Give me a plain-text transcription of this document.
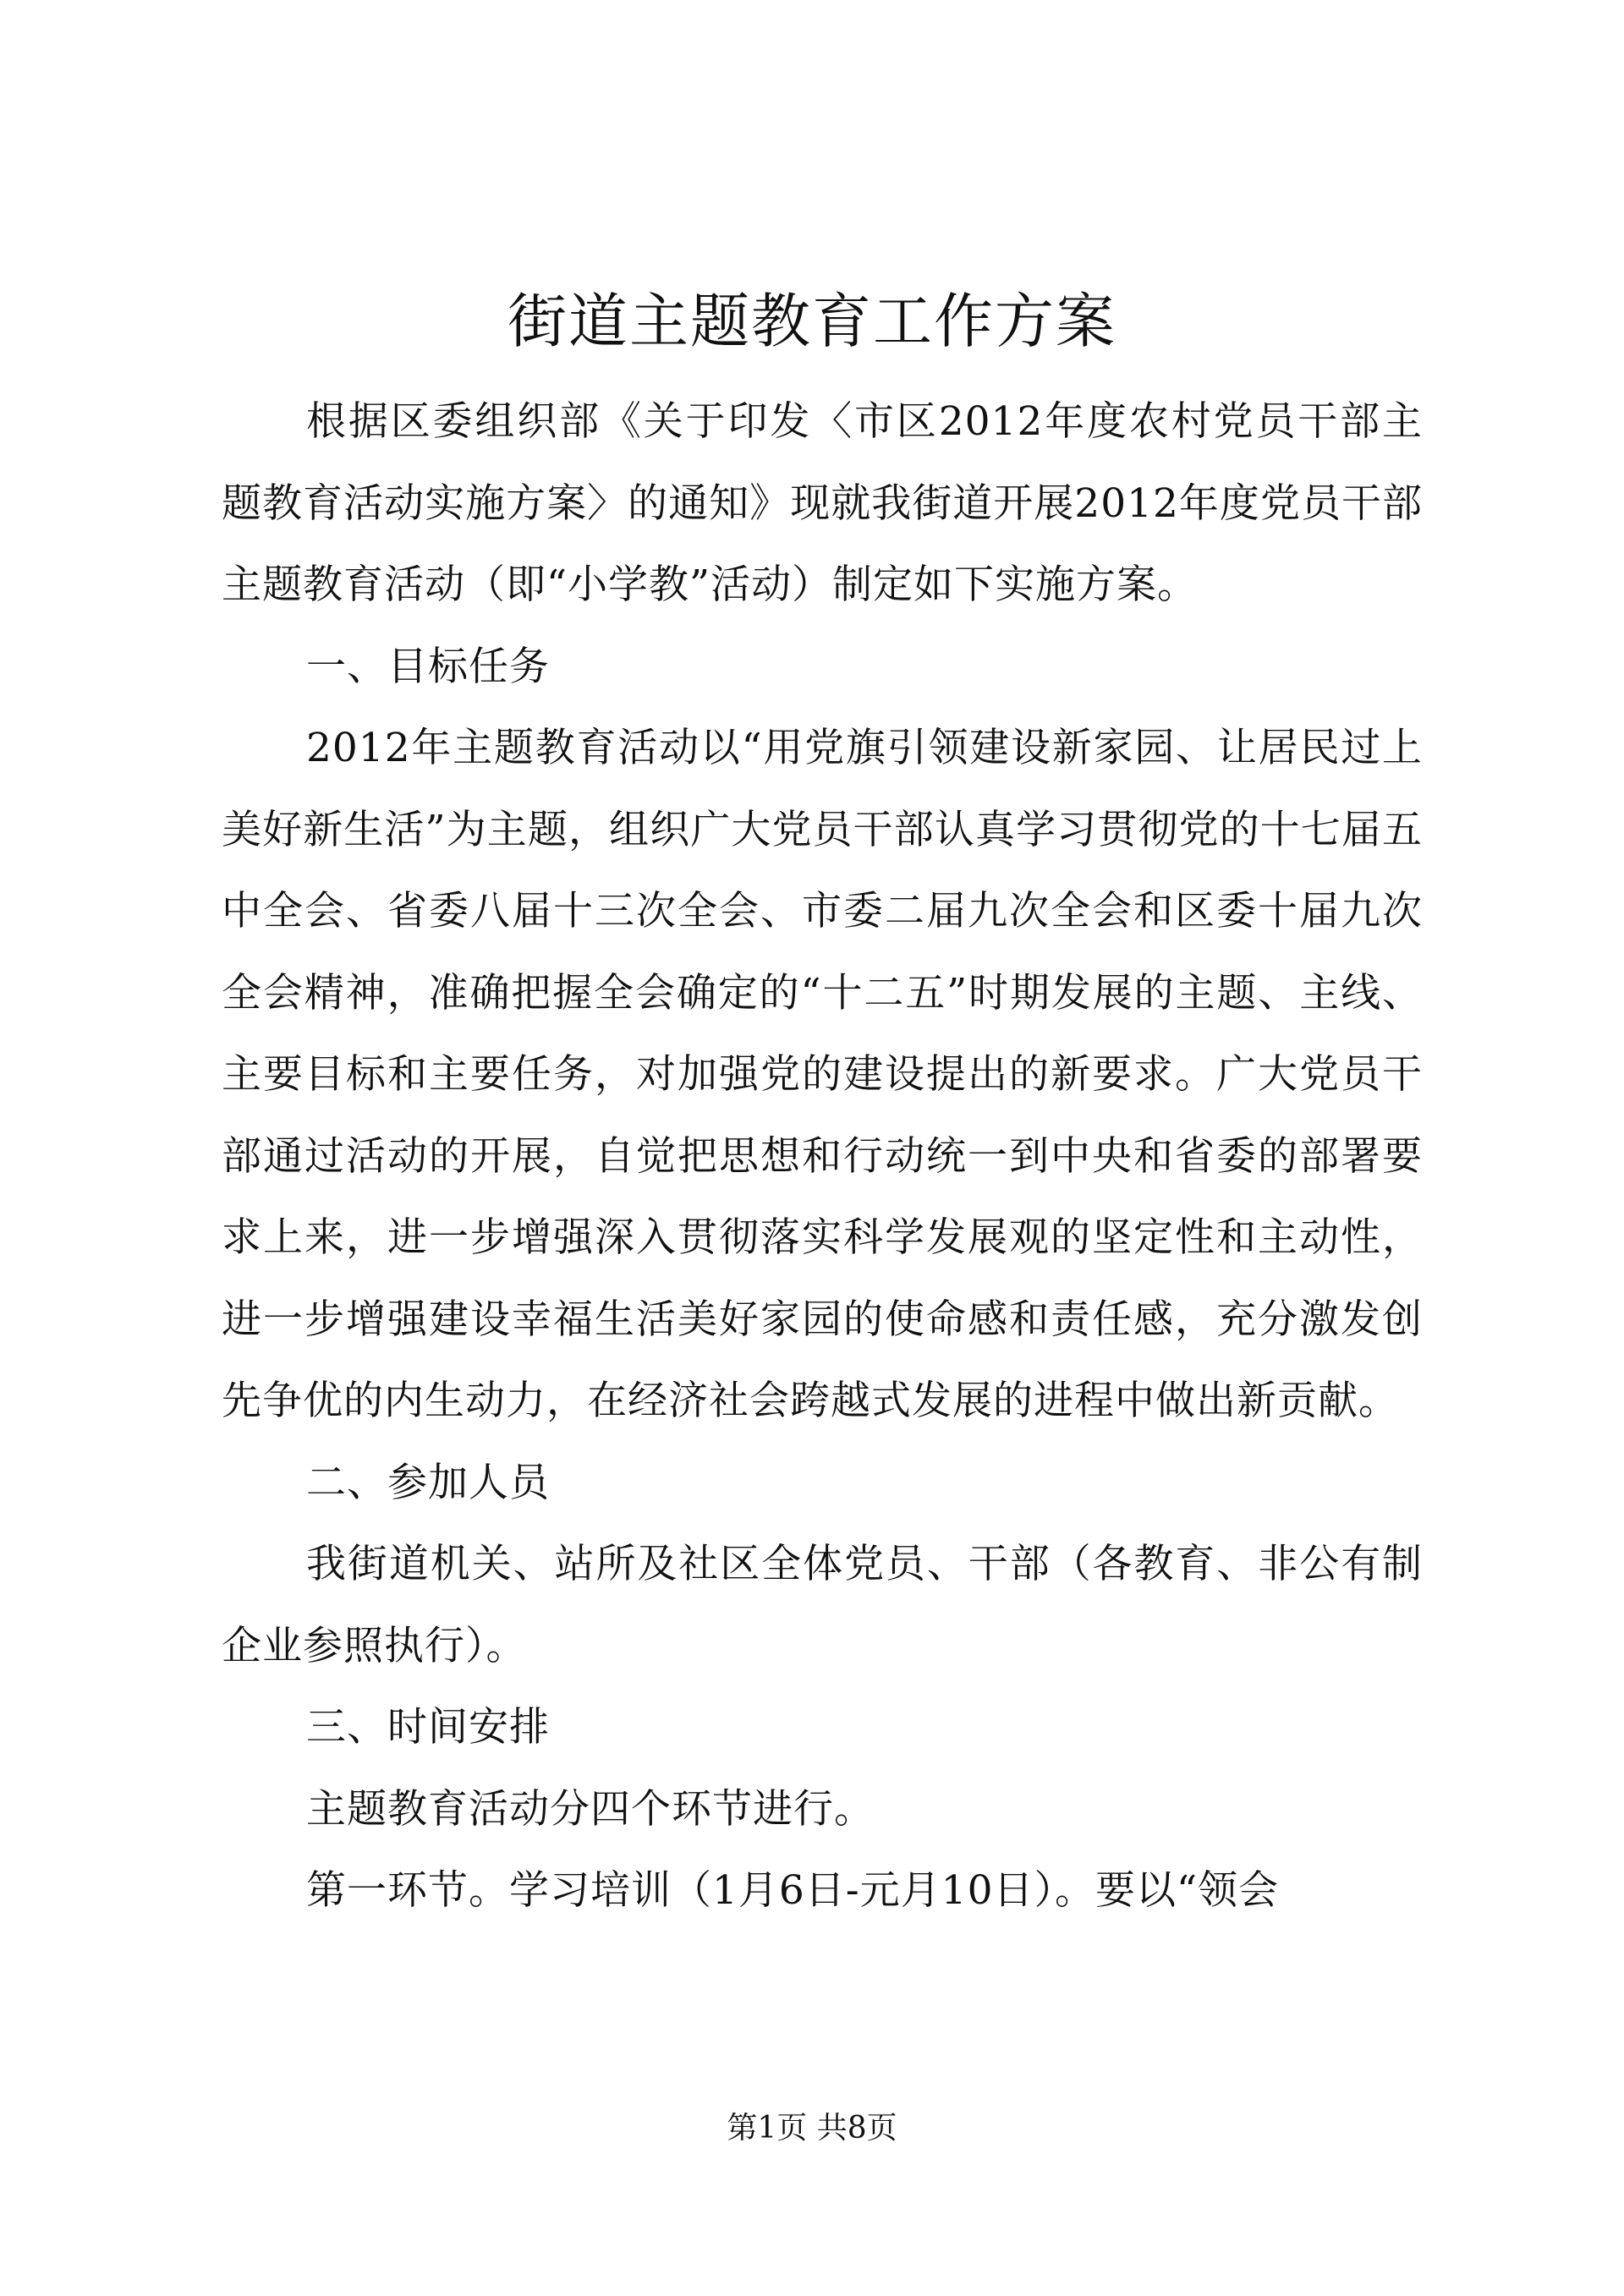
街道主题教育工作方案

根据区委组织部《关于印发〈市区2012年度农村党员干部主题教育活动实施方案〉的通知》现就我街道开展2012年度党员干部主题教育活动（即“小学教”活动）制定如下实施方案。

一、目标任务

2012年主题教育活动以“用党旗引领建设新家园、让居民过上美好新生活”为主题，组织广大党员干部认真学习贯彻党的十七届五中全会、省委八届十三次全会、市委二届九次全会和区委十届九次全会精神，准确把握全会确定的“十二五”时期发展的主题、主线、主要目标和主要任务，对加强党的建设提出的新要求。广大党员干部通过活动的开展，自觉把思想和行动统一到中央和省委的部署要求上来，进一步增强深入贯彻落实科学发展观的坚定性和主动性，进一步增强建设幸福生活美好家园的使命感和责任感，充分激发创先争优的内生动力，在经济社会跨越式发展的进程中做出新贡献。

二、参加人员

我街道机关、站所及社区全体党员、干部（各教育、非公有制企业参照执行）。

三、时间安排

主题教育活动分四个环节进行。

第一环节。学习培训（1月6日-元月10日）。要以“领会

第1页 共8页
